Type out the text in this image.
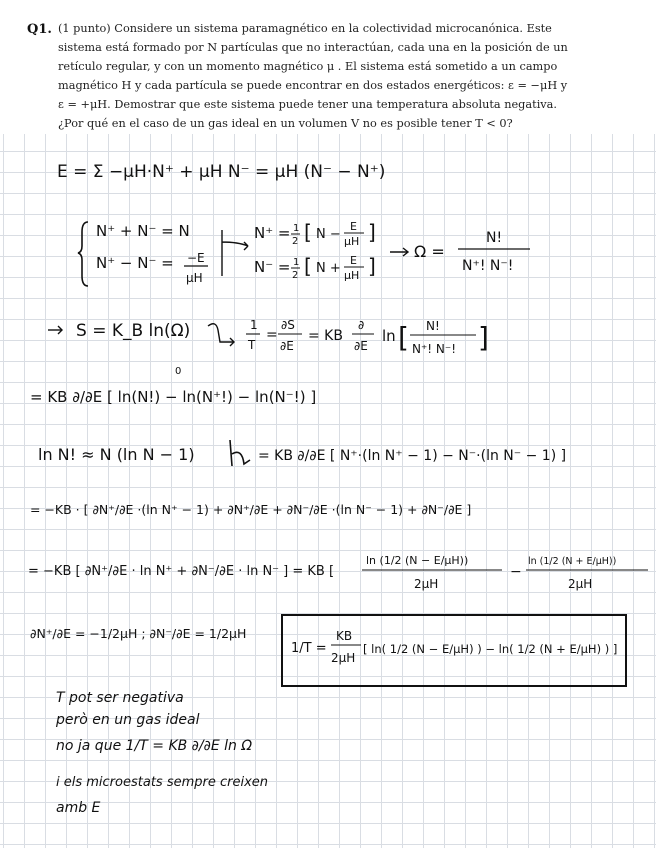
Q1. (1 punto) Considere un sistema paramagnético en la colectividad microcanónica. Este
sistema está formado por N partículas que no interactúan, cada una en la posición de un
retículo regular, y con un momento magnético μ . El sistema está sometido a un campo
magnético H y cada partícula se puede encontrar en dos estados energéticos: ε = −μH y
ε = +μH. Demostrar que este sistema puede tener una temperatura absoluta negativa.
¿Por qué en el caso de un gas ideal en un volumen V no es posible tener T < 0?
E = Σ −μH·N⁺ + μH N⁻ = μH (N⁻ − N⁺)
N⁺ + N⁻ = N
N⁺ − N⁻ = −E
μH
N⁺ = 1
2 [ N −
E
μH ]
N⁻ = 1
2 [ N +
E
μH ]
Ω =
N!
N⁺! N⁻!
S = K_B ln(Ω)	1
T
=
∂S
∂E
= KB
∂
∂E
ln [ N!
N⁺! N⁻! ]
= KB ∂/∂E [ ln(N!) − ln(N⁺!) − ln(N⁻!) ]
0
ln N! ≈ N (ln N − 1)	= KB ∂/∂E [ N⁺·(ln N⁺ − 1) − N⁻·(ln N⁻ − 1) ]
= −KB · [ ∂N⁺/∂E ·(ln N⁺ − 1) + ∂N⁺/∂E + ∂N⁻/∂E ·(ln N⁻ − 1) + ∂N⁻/∂E ]
= −KB [ ∂N⁺/∂E · ln N⁺ + ∂N⁻/∂E · ln N⁻ ] = KB [
ln (1/2 (N − E/μH))
2μH
−
ln (1/2 (N + E/μH))
2μH
∂N⁺/∂E = −1/2μH ; ∂N⁻/∂E = 1/2μH
1/T =
KB
2μH
[ ln( 1/2 (N − E/μH) ) − ln( 1/2 (N + E/μH) ) ]
T pot ser negativa
però en un gas ideal
no ja que 1/T = KB ∂/∂E ln Ω
i els microestats sempre creixen
amb E
